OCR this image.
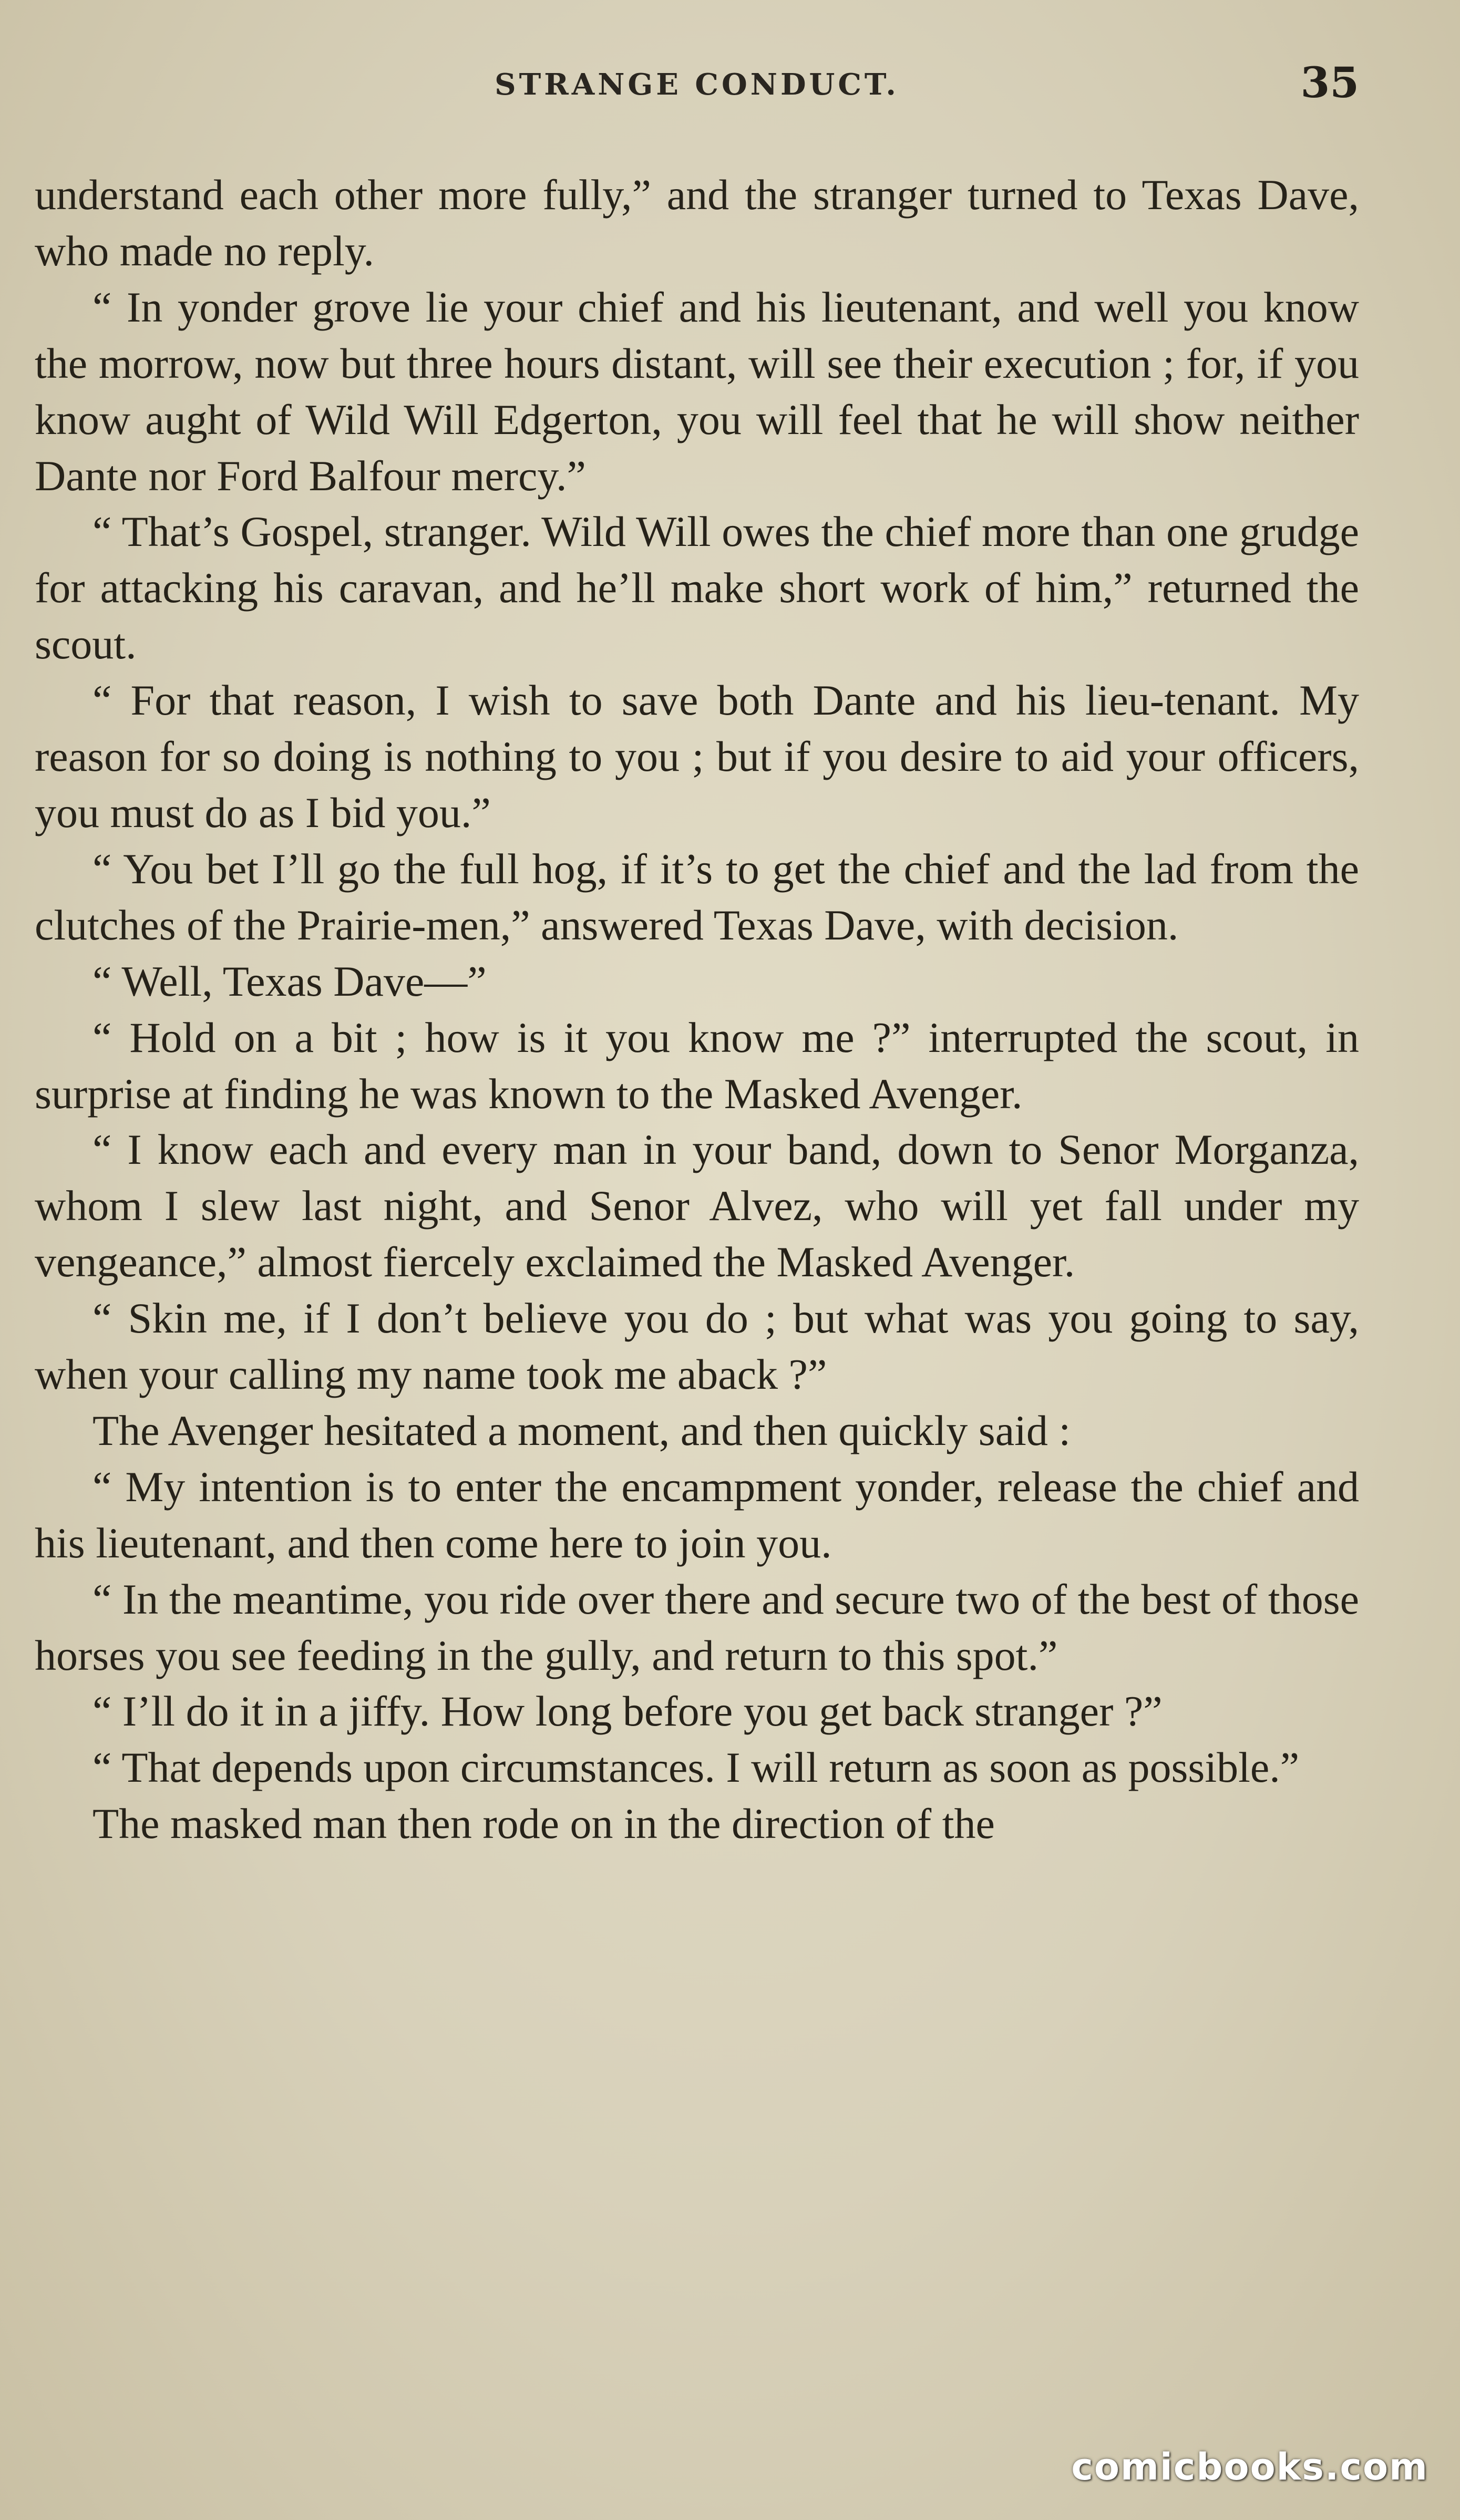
STRANGE CONDUCT.	35

understand each other more fully,” and the stranger turned to Texas Dave, who made no reply.

“ In yonder grove lie your chief and his lieutenant, and well you know the morrow, now but three hours distant, will see their execution ; for, if you know aught of Wild Will Edgerton, you will feel that he will show neither Dante nor Ford Balfour mercy.”

“ That’s Gospel, stranger. Wild Will owes the chief more than one grudge for attacking his caravan, and he’ll make short work of him,” returned the scout.

“ For that reason, I wish to save both Dante and his lieu-tenant. My reason for so doing is nothing to you ; but if you desire to aid your officers, you must do as I bid you.”

“ You bet I’ll go the full hog, if it’s to get the chief and the lad from the clutches of the Prairie-men,” answered Texas Dave, with decision.

“ Well, Texas Dave—”

“ Hold on a bit ; how is it you know me ?” interrupted the scout, in surprise at finding he was known to the Masked Avenger.

“ I know each and every man in your band, down to Senor Morganza, whom I slew last night, and Senor Alvez, who will yet fall under my vengeance,” almost fiercely exclaimed the Masked Avenger.

“ Skin me, if I don’t believe you do ; but what was you going to say, when your calling my name took me aback ?”

The Avenger hesitated a moment, and then quickly said :

“ My intention is to enter the encampment yonder, release the chief and his lieutenant, and then come here to join you.

“ In the meantime, you ride over there and secure two of the best of those horses you see feeding in the gully, and return to this spot.”

“ I’ll do it in a jiffy. How long before you get back stranger ?”

“ That depends upon circumstances. I will return as soon as possible.”

The masked man then rode on in the direction of the

comicbooks.com
